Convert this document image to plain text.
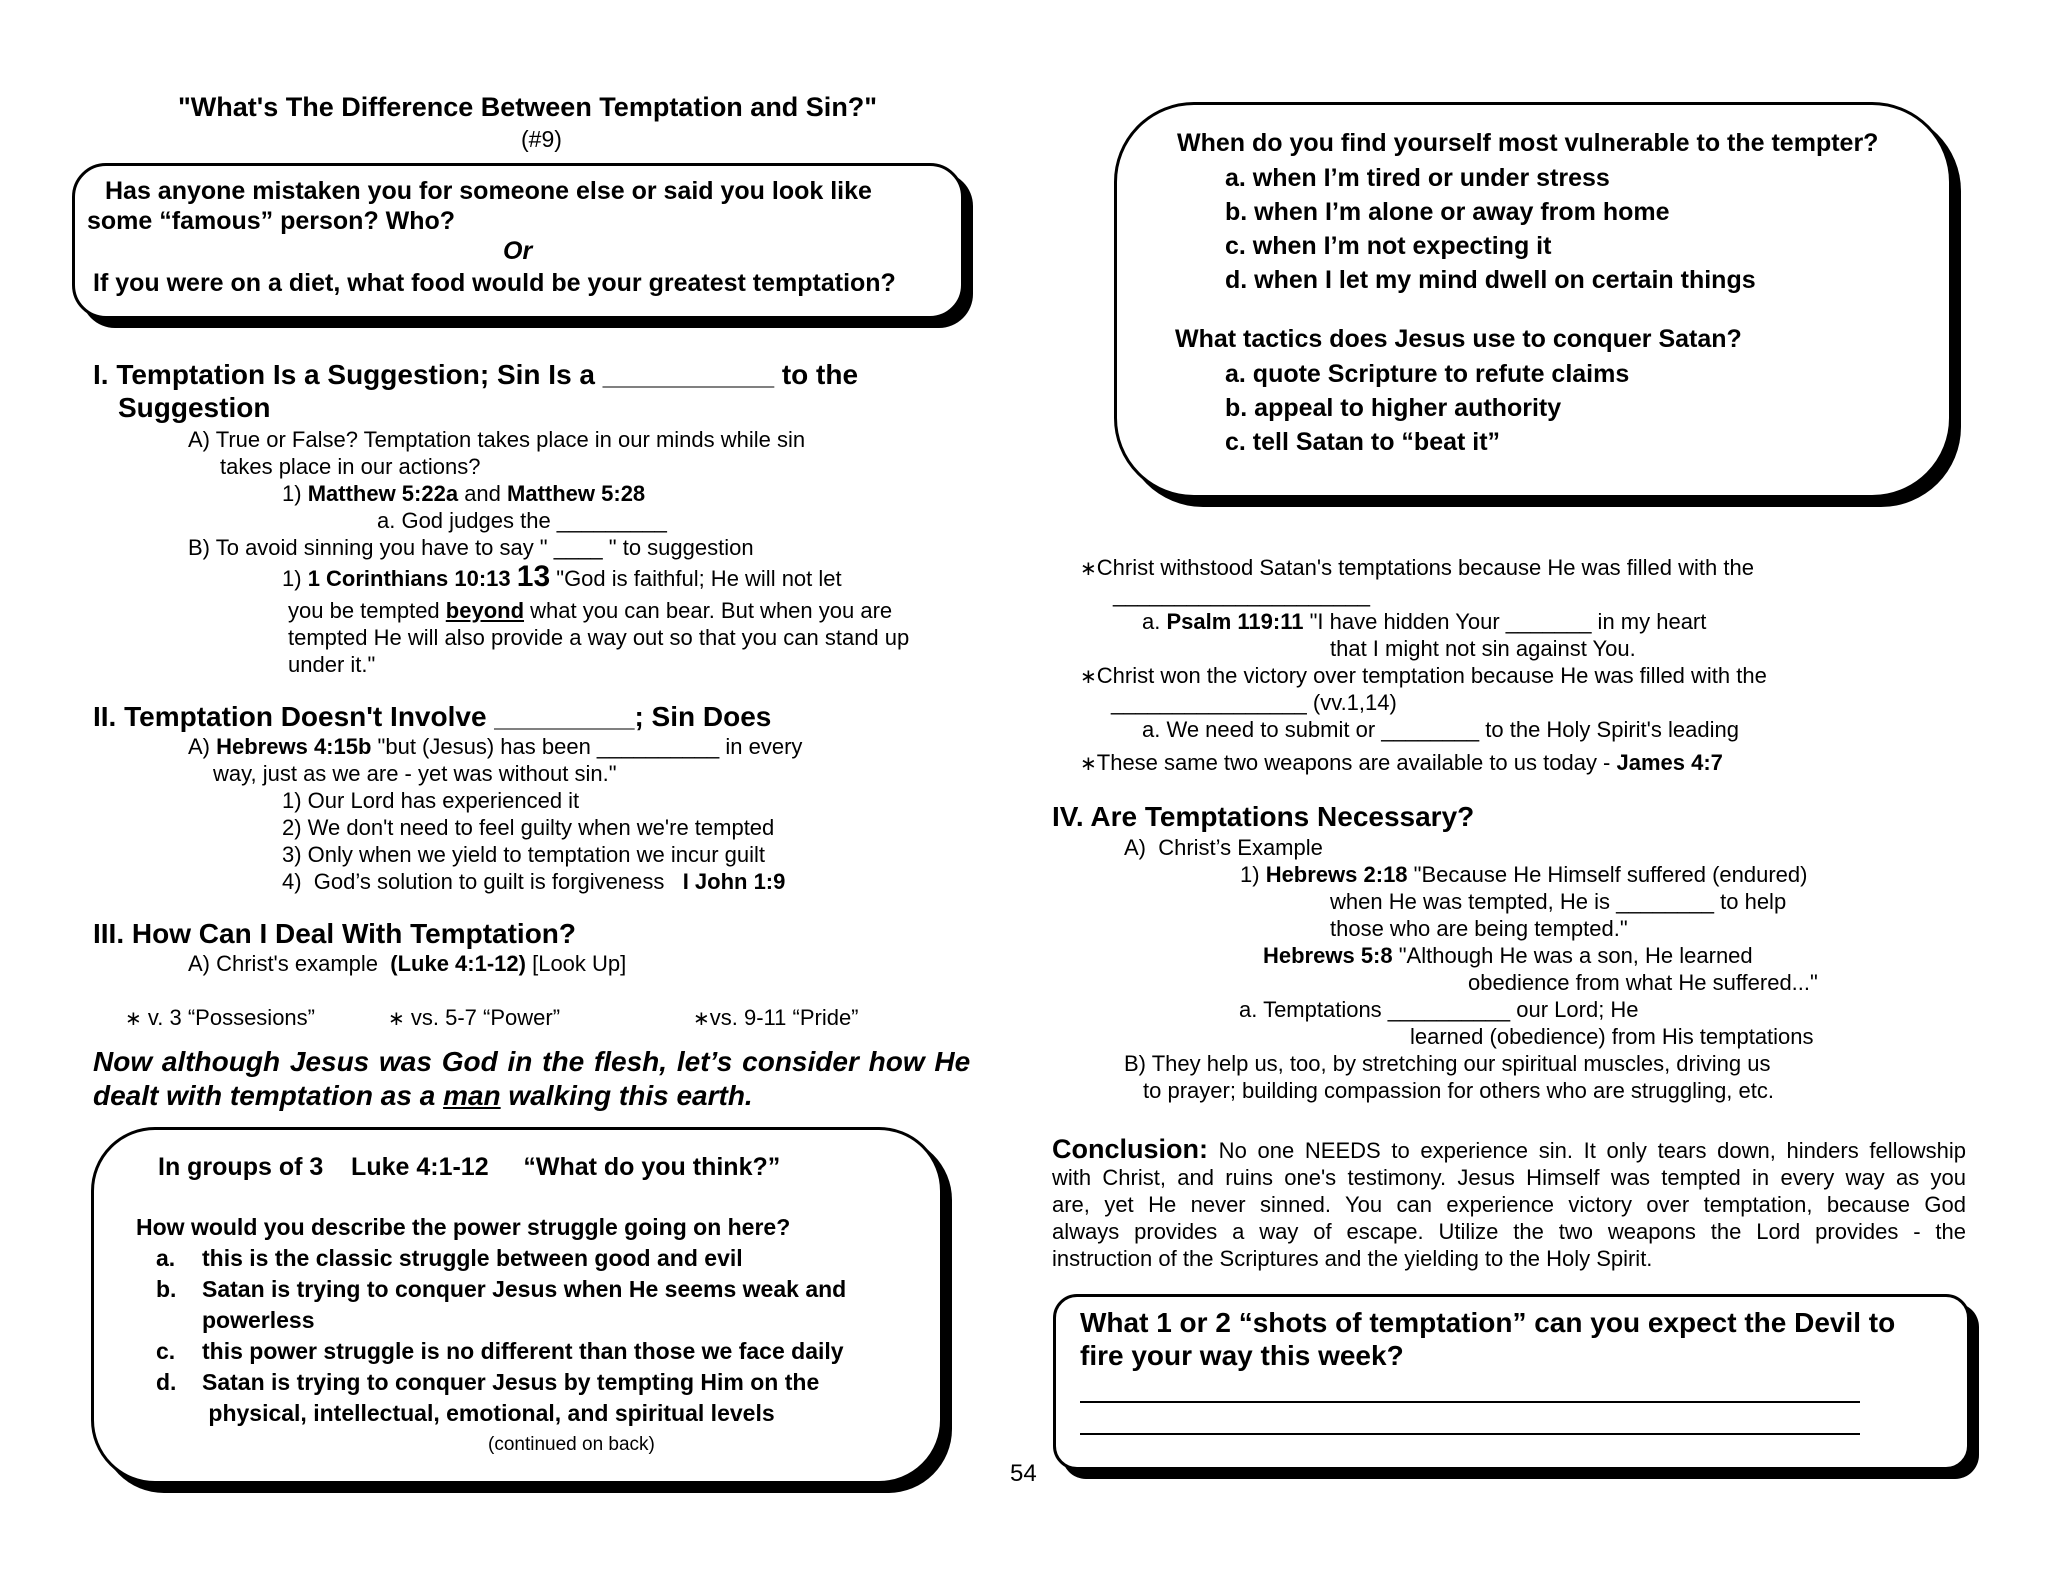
"What's The Difference Between Temptation and Sin?"
(#9)
Has anyone mistaken you for someone else or said you look like
some “famous” person? Who?
Or
If you were on a diet, what food would be your greatest temptation?
I. Temptation Is a Suggestion; Sin Is a ___________ to the
Suggestion
A) True or False? Temptation takes place in our minds while sin
takes place in our actions?
1) Matthew 5:22a and Matthew 5:28
a. God judges the _________
B) To avoid sinning you have to say " ____ " to suggestion
1) 1 Corinthians 10:13 13 "God is faithful; He will not let
you be tempted beyond what you can bear. But when you are
tempted He will also provide a way out so that you can stand up
under it."
II. Temptation Doesn't Involve _________; Sin Does
A) Hebrews 4:15b "but (Jesus) has been __________ in every
way, just as we are - yet was without sin."
1) Our Lord has experienced it
2) We don't need to feel guilty when we're tempted
3) Only when we yield to temptation we incur guilt
4)  God’s solution to guilt is forgiveness   I John 1:9
III. How Can I Deal With Temptation?
A) Christ's example  (Luke 4:1-12) [Look Up]
∗ v. 3 “Possesions”	∗ vs. 5-7 “Power”	∗vs. 9-11 “Pride”
Now although Jesus was God in the flesh, let’s consider how He
dealt with temptation as a man walking this earth.
In groups of 3    Luke 4:1-12     “What do you think?”
How would you describe the power struggle going on here?
a. this is the classic struggle between good and evil
b. Satan is trying to conquer Jesus when He seems weak and
powerless
c. this power struggle is no different than those we face daily
d. Satan is trying to conquer Jesus by tempting Him on the
physical, intellectual, emotional, and spiritual levels
(continued on back)
54
When do you find yourself most vulnerable to the tempter?
a. when I’m tired or under stress
b. when I’m alone or away from home
c. when I’m not expecting it
d. when I let my mind dwell on certain things
What tactics does Jesus use to conquer Satan?
a. quote Scripture to refute claims
b. appeal to higher authority
c. tell Satan to “beat it”
∗Christ withstood Satan's temptations because He was filled with the
_____________________
a. Psalm 119:11 "I have hidden Your _______ in my heart
that I might not sin against You.
∗Christ won the victory over temptation because He was filled with the
________________ (vv.1,14)
a. We need to submit or ________ to the Holy Spirit's leading
∗These same two weapons are available to us today - James 4:7
IV. Are Temptations Necessary?
A)  Christ’s Example
1) Hebrews 2:18 "Because He Himself suffered (endured)
when He was tempted, He is ________ to help
those who are being tempted."
Hebrews 5:8 "Although He was a son, He learned
obedience from what He suffered..."
a. Temptations __________ our Lord; He
learned (obedience) from His temptations
B) They help us, too, by stretching our spiritual muscles, driving us
to prayer; building compassion for others who are struggling, etc.
Conclusion: No one NEEDS to experience sin. It only tears down, hinders fellowship
with Christ, and ruins one's testimony. Jesus Himself was tempted in every way as you
are, yet He never sinned. You can experience victory over temptation, because God
always provides a way of escape. Utilize the two weapons the Lord provides - the
instruction of the Scriptures and the yielding to the Holy Spirit.
What 1 or 2 “shots of temptation” can you expect the Devil to
fire your way this week?
